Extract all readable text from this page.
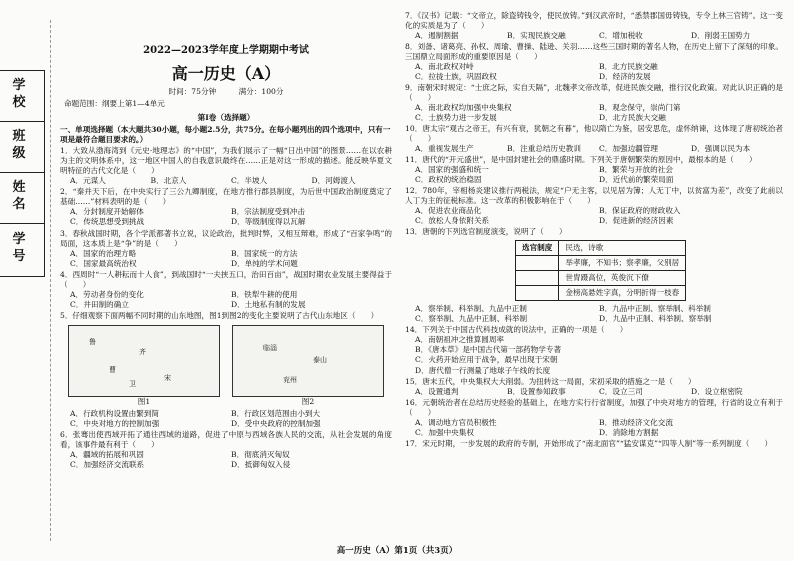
学 校
班 级
姓 名
学 号
2022—2023学年度上学期期中考试
高一历史（A）
时间：75分钟	满分：100分
命题范围：纲要上第1—4单元
第Ⅰ卷（选择题）
一、单项选择题（本大题共30小题，每小题2.5分，共75分。在每小题列出的四个选项中，只有一项是最符合题目要求的。）
1．大致从渤海湾到《元史·地理志》的“中国”，为我们展示了一幅“日出中国”的图景……在以农耕为主的文明体系中，这一地区中国人的自我意识最终在……正是对这一形成的描述。能反映华夏文明特征的古代文化是（　　）
A．元谋人	B．北京人	C．半坡人	D．河姆渡人
2．“秦并天下后，在中央实行了三公九卿制度，在地方推行郡县制度，为后世中国政治制度奠定了基础……”材料表明的是（　　）
A．分封制度开始解体	B．宗法制度受到冲击
C．传统思想受到挑战	D．等级制度得以瓦解
3．春秋战国时期，各个学派都著书立说，议论政治，批判时弊，又相互辩难，形成了“百家争鸣”的局面，这本质上是“争”的是（　　）
A．国家的治理方略	B．国家统一的方法
C．国家最高统治权	D．单纯的学术问题
4．西周时“一人耕耘而十人食”，到战国时“一夫挟五口，治田百亩”，战国时期农业发展主要得益于（　　）
A．劳动者身份的变化	B．铁犁牛耕的使用
C．井田制的确立	D．土地私有制的发展
5．仔细观察下面两幅不同时期的山东地图，图1到图2的变化主要说明了古代山东地区（　　）
鲁
齐
曹
宋
卫
图1
临淄
泰山
兖州
图2
A．行政机构设置由繁到简	B．行政区划范围由小到大
C．中央对地方的控制加强	D．受中央政府的控制加强
6．张骞出使西域开拓了通往西域的道路，促进了中原与西域各族人民的交流，从社会发展的角度看，该事件最有利于（　　）
A．疆域的拓展和巩固	B．彻底消灭匈奴
C．加强经济交流联系	D．抵御匈奴入侵
7．《汉书》记载：“文帝立，除盗铸钱令，使民放铸。”到汉武帝时，“悉禁郡国毋铸钱，专令上林三官铸”。这一变化的实质是为了（　　）
A．遏制割据	B．实现民族交融	C．增加税收	D．削弱王国势力
8．刘备、诸葛亮、孙权、周瑜、曹操、陆逊、关羽……这些三国时期的著名人物，在历史上留下了深刻的印象。三国鼎立局面形成的重要原因是（　　）
A．南北政权对峙	B．北方民族交融
C．拉拢士族，巩固政权	D．经济的发展
9．南朝宋时规定：“士庶之际，实自天隔”，北魏孝文帝改革，促进民族交融，推行汉化政策。对此认识正确的是（　　）
A．南北政权均加强中央集权	B．观念保守，崇尚门第
C．士族势力进一步发展	D．北方民族大交融
10．唐太宗“观古之帝王，有兴有衰，犹朝之有暮”，他以隋亡为鉴，居安思危，虚怀纳谏，这体现了唐初统治者（　　）
A．重视发展生产	B．注重总结历史教训	C．加强边疆管理	D．强调以民为本
11．唐代的“开元盛世”，是中国封建社会的鼎盛时期。下列关于唐朝繁荣的原因中，最根本的是（　　）
A．国家的强盛和统一	B．繁荣与开放的社会
C．政权的统治稳固	D．近代前的繁荣局面
12．780年，宰相杨炎建议推行两税法，规定“户无主客，以见居为簿；人无丁中，以贫富为差”，改变了此前以人丁为主的征税标准。这一改革的积极影响在于（　　）
A．促进农业商品化	B．保证政府的财政收入
C．放松人身依附关系	D．促进新的经济因素
13．唐朝的下列选官制度演变，说明了（　　）
选官制度	民选，诗歌
	举孝廉，不知书；察孝廉，父别居
	世胄蹑高位，英俊沉下僚
	金榜高悬姓字真，分明折得一枝春
A．察举制、科举制、九品中正制	B．九品中正制、察举制、科举制
C．察举制、九品中正制、科举制	D．九品中正制、科举制、察举制
14．下列关于中国古代科技成就的说法中，正确的一项是（　　）
A．南朝祖冲之推算圆周率
B．《唐本草》是中国古代第一部药物学专著
C．火药开始应用于战争，最早出现于宋朝
D．唐代僧一行测量了地球子午线的长度
15．唐末五代，中央集权大大削弱。为扭转这一局面，宋初采取的措施之一是（　　）
A．设置通判	B．设置参知政事	C．设立三司	D．设立枢密院
16．元朝统治者在总结历史经验的基础上，在地方实行行省制度，加强了中央对地方的管理，行省的设立有利于（　　）
A．调动地方官员积极性	B．推动经济文化交流
C．加强中央集权	D．消除地方割据
17．宋元时期，一步发展的政府的专制，开始形成了“南北面官”“猛安谋克”“四等人制”等一系列制度（　　）
高一历史（A）第1页（共3页）
